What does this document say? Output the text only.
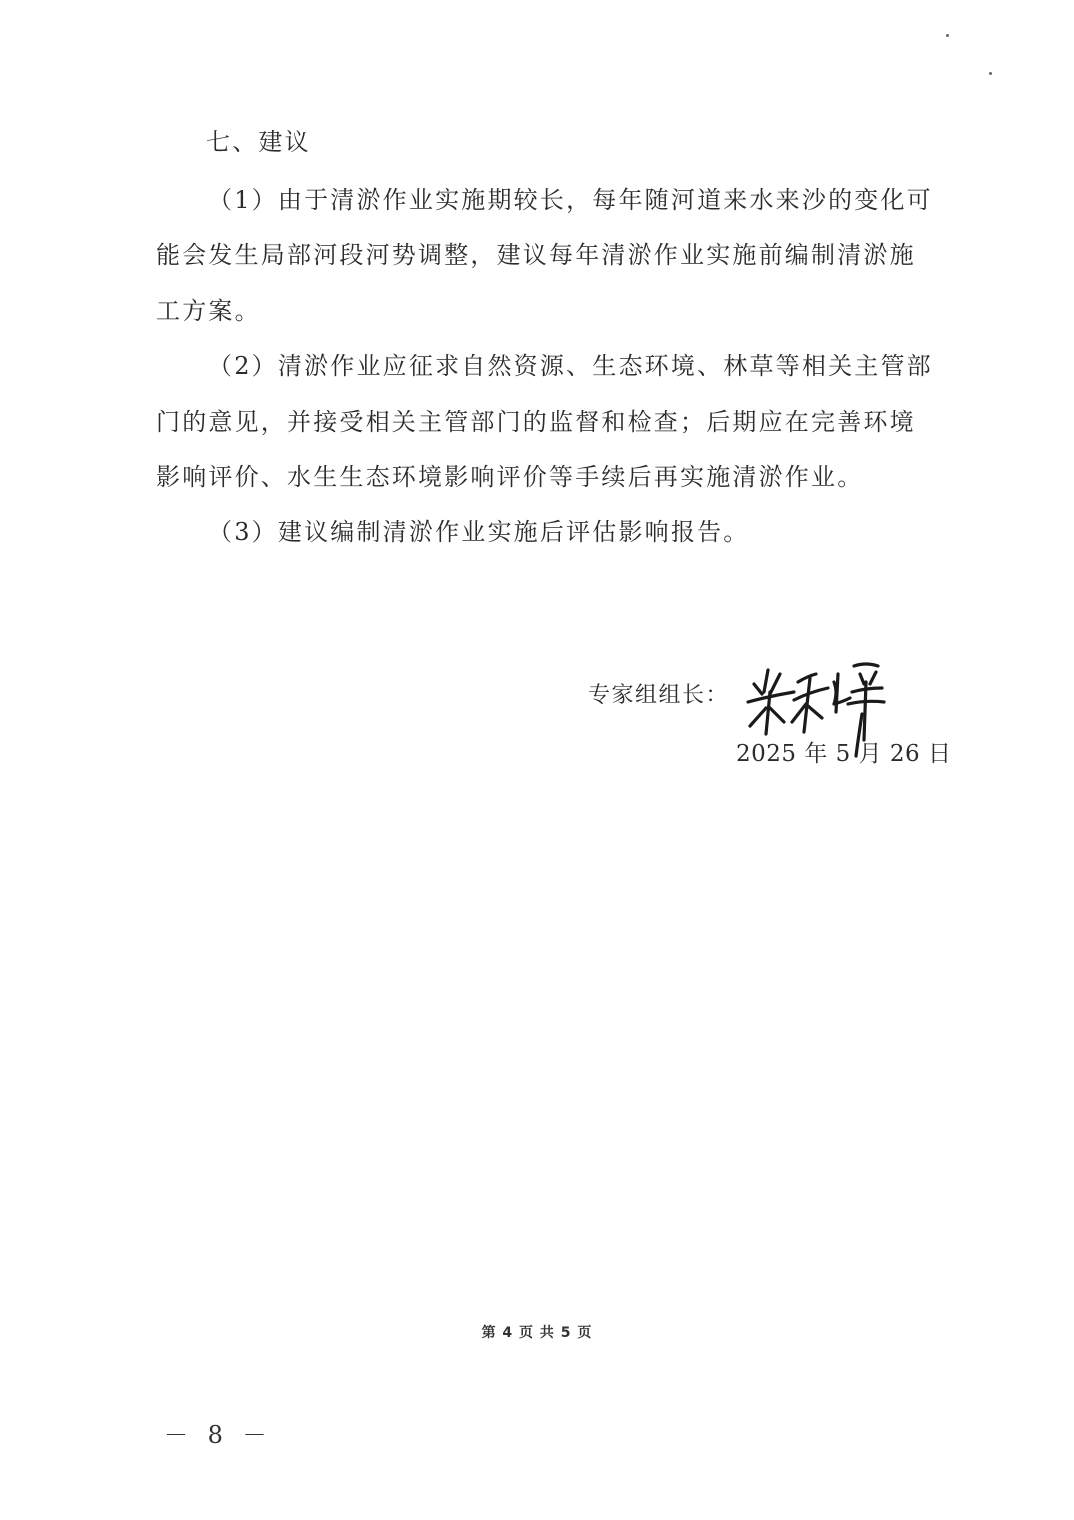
七、建议
（1）由于清淤作业实施期较长，每年随河道来水来沙的变化可
能会发生局部河段河势调整，建议每年清淤作业实施前编制清淤施
工方案。
（2）清淤作业应征求自然资源、生态环境、林草等相关主管部
门的意见，并接受相关主管部门的监督和检查；后期应在完善环境
影响评价、水生生态环境影响评价等手续后再实施清淤作业。
（3）建议编制清淤作业实施后评估影响报告。
专家组组长：
2025 年 5 月 26 日
第 4 页 共 5 页
－ 8 －
